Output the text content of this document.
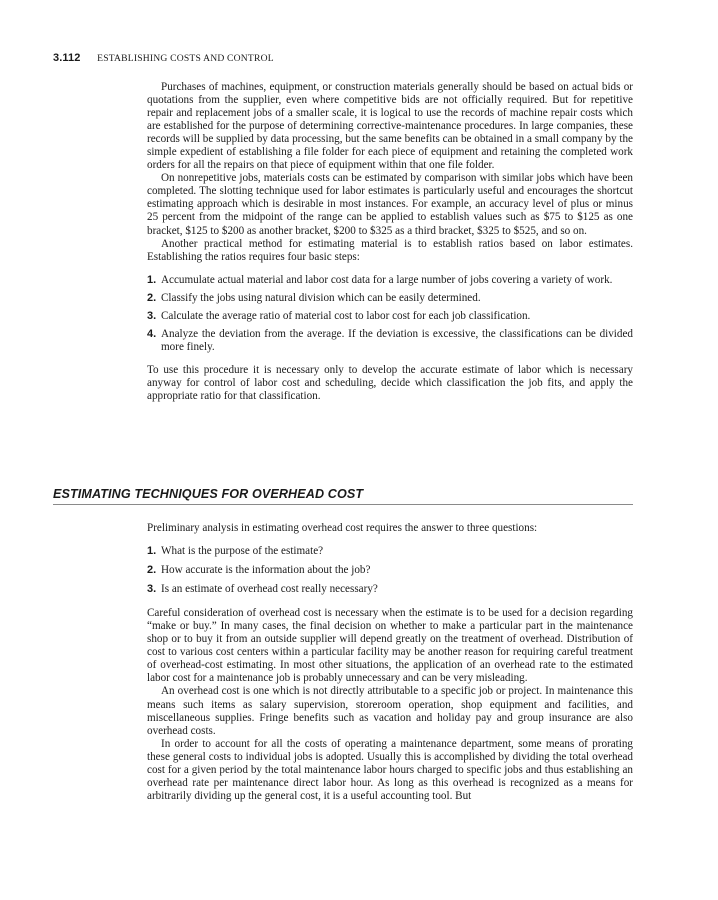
3.112 ESTABLISHING COSTS AND CONTROL

Purchases of machines, equipment, or construction materials generally should be based on actual bids or quotations from the supplier, even where competitive bids are not officially required. But for repetitive repair and replacement jobs of a smaller scale, it is logical to use the records of machine repair costs which are established for the purpose of determining corrective-maintenance procedures. In large companies, these records will be supplied by data processing, but the same benefits can be obtained in a small company by the simple expedient of establishing a file folder for each piece of equipment and retaining the completed work orders for all the repairs on that piece of equipment within that one file folder.

On nonrepetitive jobs, materials costs can be estimated by comparison with similar jobs which have been completed. The slotting technique used for labor estimates is particularly useful and encourages the shortcut estimating approach which is desirable in most instances. For example, an accuracy level of plus or minus 25 percent from the midpoint of the range can be applied to establish values such as $75 to $125 as one bracket, $125 to $200 as another bracket, $200 to $325 as a third bracket, $325 to $525, and so on.

Another practical method for estimating material is to establish ratios based on labor estimates. Establishing the ratios requires four basic steps:

1. Accumulate actual material and labor cost data for a large number of jobs covering a variety of work.
2. Classify the jobs using natural division which can be easily determined.
3. Calculate the average ratio of material cost to labor cost for each job classification.
4. Analyze the deviation from the average. If the deviation is excessive, the classifications can be divided more finely.

To use this procedure it is necessary only to develop the accurate estimate of labor which is necessary anyway for control of labor cost and scheduling, decide which classification the job fits, and apply the appropriate ratio for that classification.

ESTIMATING TECHNIQUES FOR OVERHEAD COST

Preliminary analysis in estimating overhead cost requires the answer to three questions:

1. What is the purpose of the estimate?
2. How accurate is the information about the job?
3. Is an estimate of overhead cost really necessary?

Careful consideration of overhead cost is necessary when the estimate is to be used for a decision regarding “make or buy.” In many cases, the final decision on whether to make a particular part in the maintenance shop or to buy it from an outside supplier will depend greatly on the treatment of overhead. Distribution of cost to various cost centers within a particular facility may be another reason for requiring careful treatment of overhead-cost estimating. In most other situations, the application of an overhead rate to the estimated labor cost for a maintenance job is probably unnecessary and can be very misleading.

An overhead cost is one which is not directly attributable to a specific job or project. In maintenance this means such items as salary supervision, storeroom operation, shop equipment and facilities, and miscellaneous supplies. Fringe benefits such as vacation and holiday pay and group insurance are also overhead costs.

In order to account for all the costs of operating a maintenance department, some means of prorating these general costs to individual jobs is adopted. Usually this is accomplished by dividing the total overhead cost for a given period by the total maintenance labor hours charged to specific jobs and thus establishing an overhead rate per maintenance direct labor hour. As long as this overhead is recognized as a means for arbitrarily dividing up the general cost, it is a useful accounting tool. But
